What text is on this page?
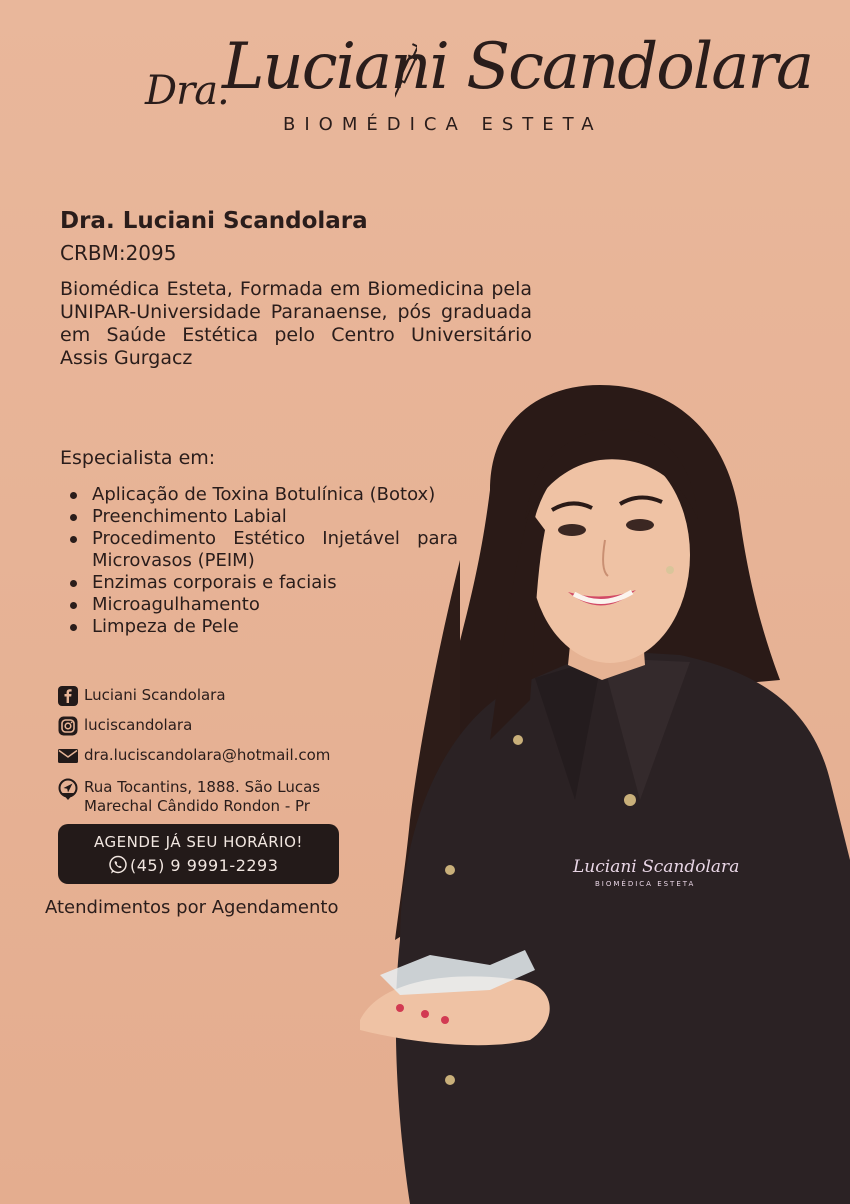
Dra.
Luciani Scandolara
BIOMÉDICA ESTETA
Dra. Luciani Scandolara
CRBM:2095

Biomédica Esteta, Formada em Biomedicina pela UNIPAR-Universidade Paranaense, pós graduada em Saúde Estética pelo Centro Universitário Assis Gurgacz

Especialista em:
Aplicação de Toxina Botulínica (Botox)
Preenchimento Labial
Procedimento Estético Injetável para Microvasos (PEIM)
Enzimas corporais e faciais
Microagulhamento
Limpeza de Pele
Luciani Scandolara
luciscandolara
dra.luciscandolara@hotmail.com
Rua Tocantins, 1888. São Lucas
Marechal Cândido Rondon - Pr
AGENDE JÁ SEU HORÁRIO!
(45) 9 9991-2293
Atendimentos por Agendamento
Luciani Scandolara
BIOMÉDICA ESTETA
